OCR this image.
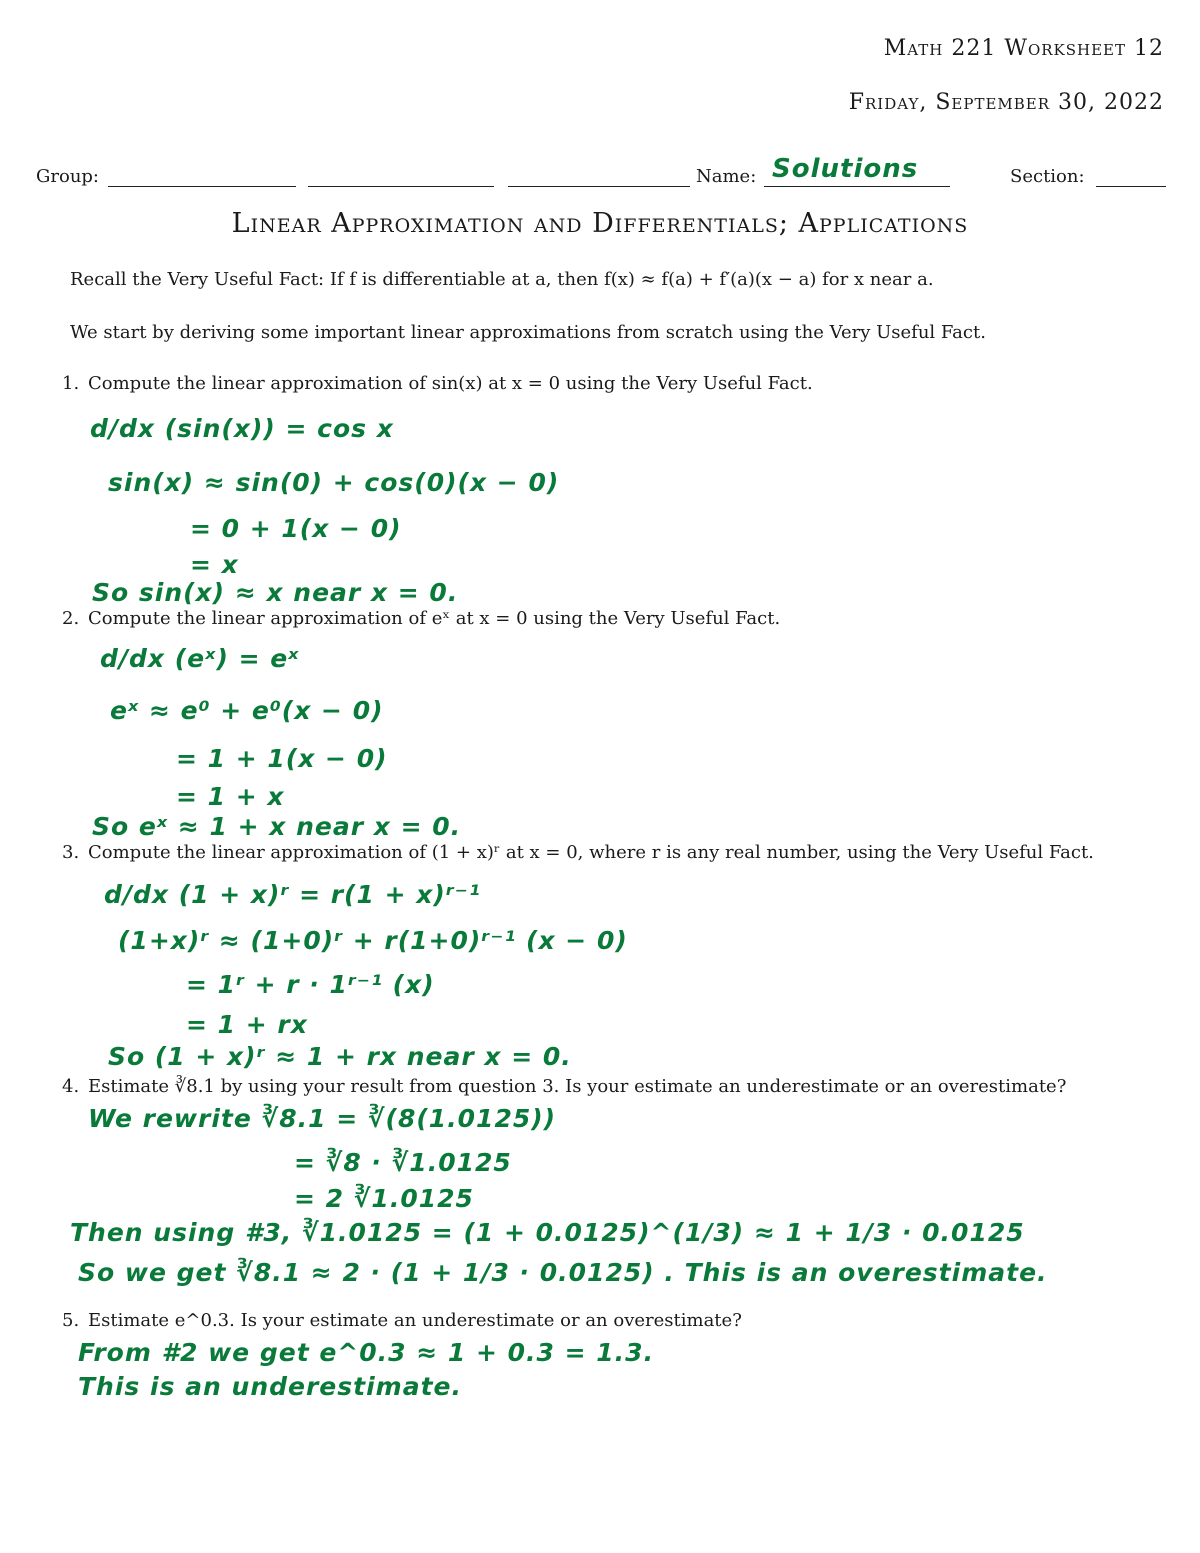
Math 221 Worksheet 12
Friday, September 30, 2022
Group:	Name: Solutions	Section:
Linear Approximation and Differentials; Applications
Recall the Very Useful Fact: If f is differentiable at a, then f(x) ≈ f(a) + f′(a)(x − a) for x near a.
We start by deriving some important linear approximations from scratch using the Very Useful Fact.
1. Compute the linear approximation of sin(x) at x = 0 using the Very Useful Fact.
d/dx (sin(x)) = cos x
sin(x) ≈ sin(0) + cos(0)(x − 0)
= 0 + 1(x − 0)
= x
So sin(x) ≈ x near x = 0.
2. Compute the linear approximation of eˣ at x = 0 using the Very Useful Fact.
d/dx (eˣ) = eˣ
eˣ ≈ e⁰ + e⁰(x − 0)
= 1 + 1(x − 0)
= 1 + x
So eˣ ≈ 1 + x near x = 0.
3. Compute the linear approximation of (1 + x)ʳ at x = 0, where r is any real number, using the Very Useful Fact.
d/dx (1 + x)ʳ = r(1 + x)ʳ⁻¹
(1+x)ʳ ≈ (1+0)ʳ + r(1+0)ʳ⁻¹ (x − 0)
= 1ʳ + r · 1ʳ⁻¹ (x)
= 1 + rx
So (1 + x)ʳ ≈ 1 + rx near x = 0.
4. Estimate ∛8.1 by using your result from question 3. Is your estimate an underestimate or an overestimate?
We rewrite ∛8.1 = ∛(8(1.0125))
= ∛8 · ∛1.0125
= 2 ∛1.0125
Then using #3, ∛1.0125 = (1 + 0.0125)^(1/3) ≈ 1 + 1/3 · 0.0125
So we get ∛8.1 ≈ 2 · (1 + 1/3 · 0.0125) . This is an overestimate.
5. Estimate e^0.3. Is your estimate an underestimate or an overestimate?
From #2 we get e^0.3 ≈ 1 + 0.3 = 1.3.
This is an underestimate.
